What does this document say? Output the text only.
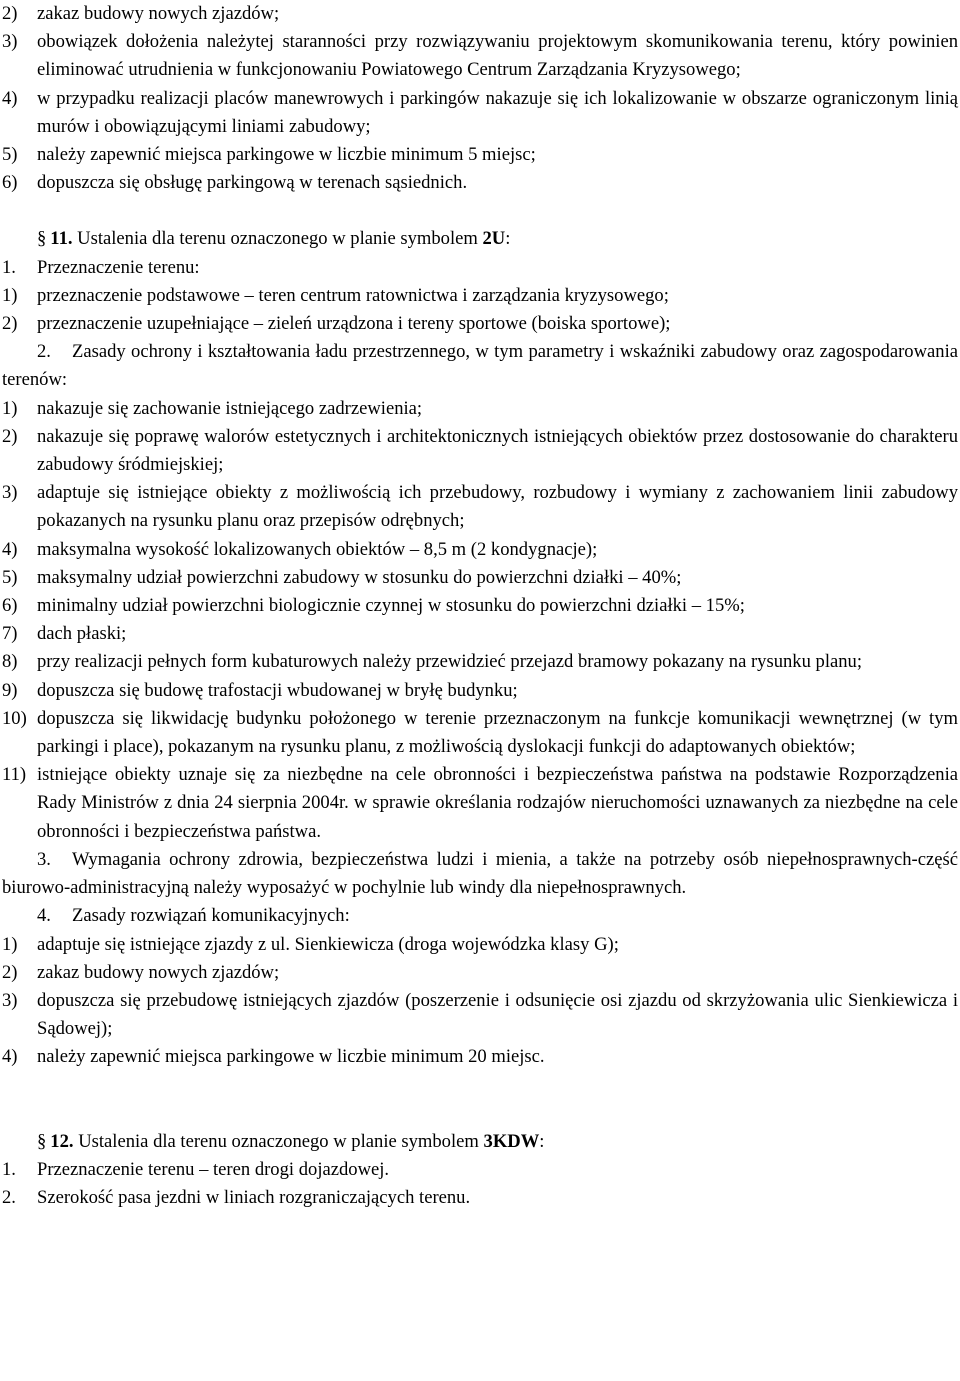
2)	zakaz budowy nowych zjazdów;
3)	obowiązek dołożenia należytej staranności przy rozwiązywaniu projektowym skomunikowania terenu, który powinien eliminować utrudnienia w funkcjonowaniu Powiatowego Centrum Zarządzania Kryzysowego;
4)	w przypadku realizacji placów manewrowych i parkingów nakazuje się ich lokalizowanie w obszarze ograniczonym linią murów i obowiązującymi liniami zabudowy;
5)	należy zapewnić miejsca parkingowe w liczbie minimum 5 miejsc;
6)	dopuszcza się obsługę parkingową w terenach sąsiednich.
§ 11. Ustalenia dla terenu oznaczonego w planie symbolem 2U:
1. Przeznaczenie terenu:
1)	przeznaczenie podstawowe – teren centrum ratownictwa i zarządzania kryzysowego;
2)	przeznaczenie uzupełniające – zieleń urządzona i tereny sportowe (boiska sportowe);
2. Zasady ochrony i kształtowania ładu przestrzennego, w tym parametry i wskaźniki zabudowy oraz zagospodarowania terenów:
1)	nakazuje się zachowanie istniejącego zadrzewienia;
2)	nakazuje się poprawę walorów estetycznych i architektonicznych istniejących obiektów przez dostosowanie do charakteru zabudowy śródmiejskiej;
3)	adaptuje się istniejące obiekty z możliwością ich przebudowy, rozbudowy i wymiany z zachowaniem linii zabudowy pokazanych na rysunku planu oraz przepisów odrębnych;
4)	maksymalna wysokość lokalizowanych obiektów – 8,5 m (2 kondygnacje);
5)	maksymalny udział powierzchni zabudowy w stosunku do powierzchni działki – 40%;
6)	minimalny udział powierzchni biologicznie czynnej w stosunku do powierzchni działki – 15%;
7)	dach płaski;
8)	przy realizacji pełnych form kubaturowych należy przewidzieć przejazd bramowy pokazany na rysunku planu;
9)	dopuszcza się budowę trafostacji wbudowanej w bryłę budynku;
10) dopuszcza się likwidację budynku położonego w terenie przeznaczonym na funkcje komunikacji wewnętrznej (w tym parkingi i place), pokazanym na rysunku planu, z możliwością dyslokacji funkcji do adaptowanych obiektów;
11) istniejące obiekty uznaje się za niezbędne na cele obronności i bezpieczeństwa państwa na podstawie Rozporządzenia Rady Ministrów z dnia 24 sierpnia 2004r. w sprawie określania rodzajów nieruchomości uznawanych za niezbędne na cele obronności i bezpieczeństwa państwa.
3. Wymagania ochrony zdrowia, bezpieczeństwa ludzi i mienia, a także na potrzeby osób niepełnosprawnych-część biurowo-administracyjną należy wyposażyć w pochylnie lub windy dla niepełnosprawnych.
4. Zasady rozwiązań komunikacyjnych:
1)	adaptuje się istniejące zjazdy z ul. Sienkiewicza (droga wojewódzka klasy G);
2)	zakaz budowy nowych zjazdów;
3)	dopuszcza się przebudowę istniejących zjazdów (poszerzenie i odsunięcie osi zjazdu od skrzyżowania ulic Sienkiewicza i Sądowej);
4)	należy zapewnić miejsca parkingowe w liczbie minimum 20 miejsc.
§ 12. Ustalenia dla terenu oznaczonego w planie symbolem 3KDW:
1.	Przeznaczenie terenu – teren drogi dojazdowej.
2.	Szerokość pasa jezdni w liniach rozgraniczających terenu.
